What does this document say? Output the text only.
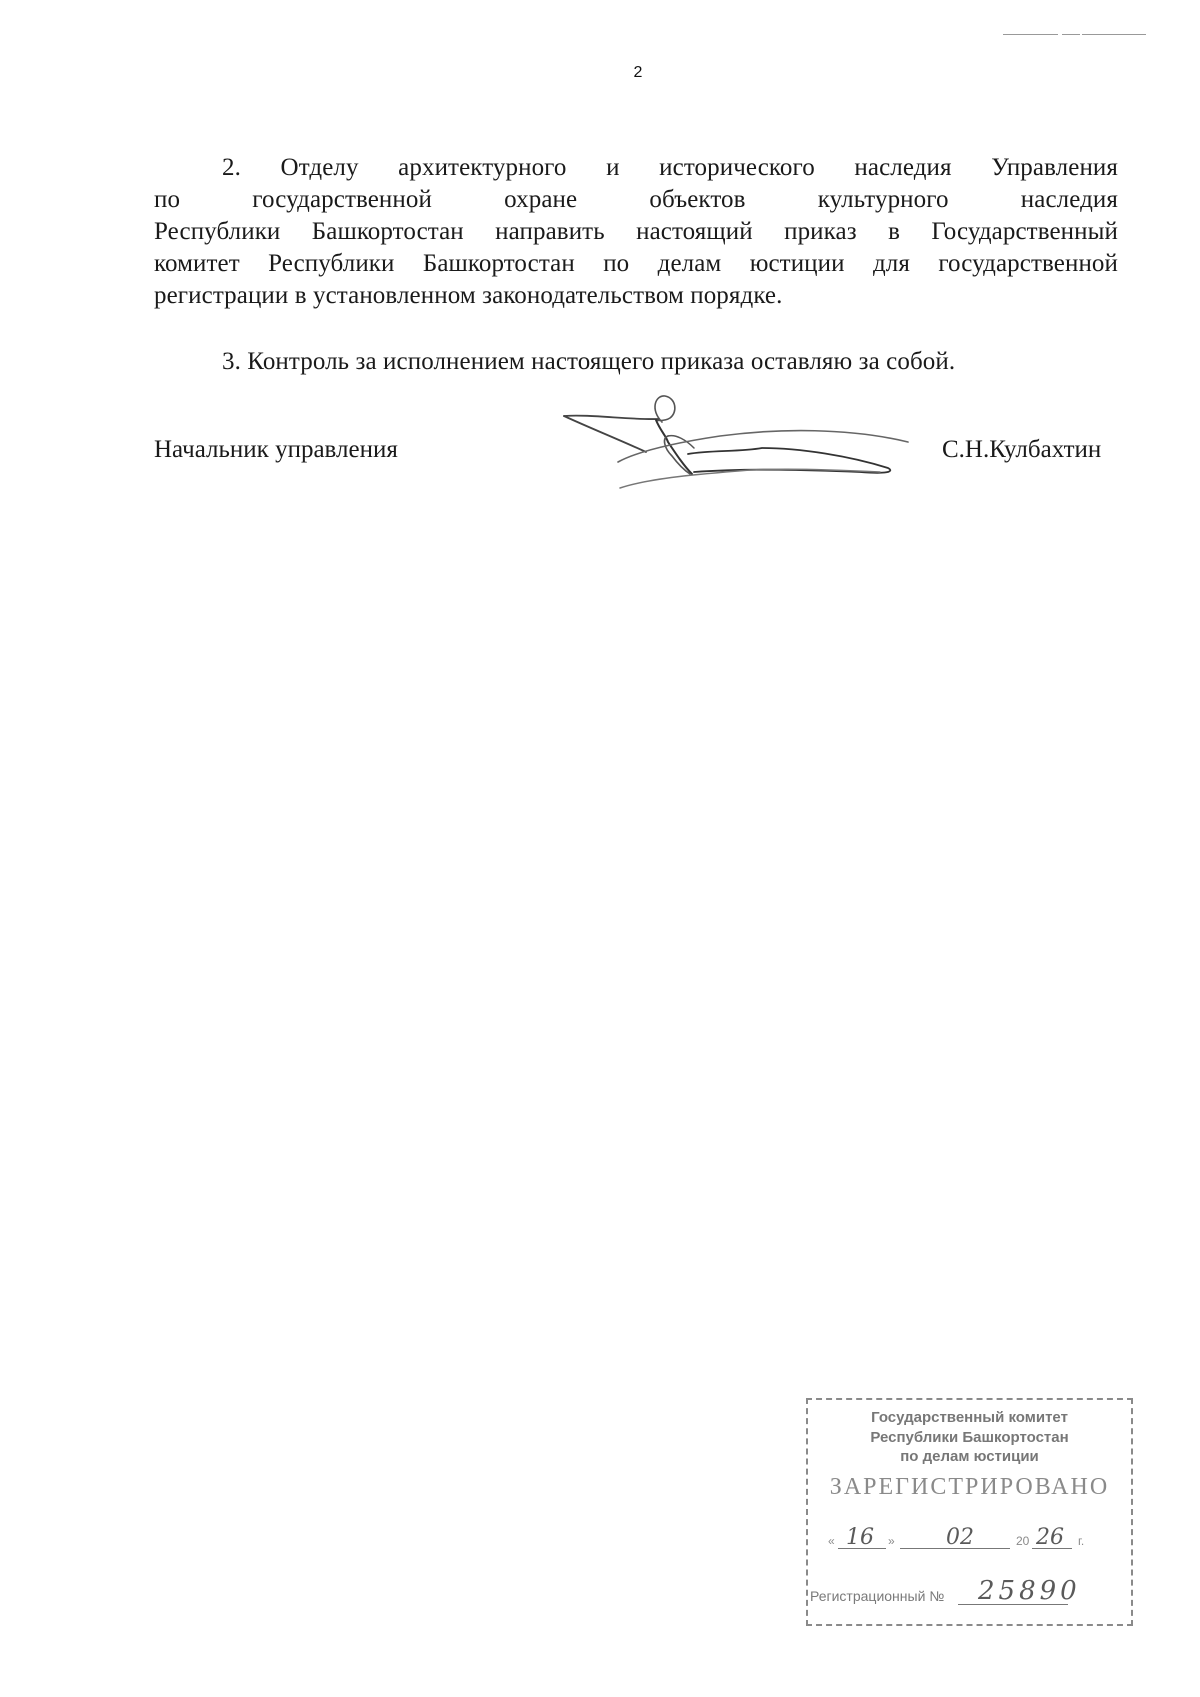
2
2. Отделу архитектурного и исторического наследия Управления
по государственной охране объектов культурного наследия
Республики Башкортостан направить настоящий приказ в Государственный
комитет Республики Башкортостан по делам юстиции для государственной
регистрации в установленном законодательством порядке.
3. Контроль за исполнением настоящего приказа оставляю за собой.
Начальник управления	С.Н.Кулбахтин
Государственный комитет
Республики Башкортостан
по делам юстиции
ЗАРЕГИСТРИРОВАНО
« 16 » 02	20 26 г.
Регистрационный № 25890
